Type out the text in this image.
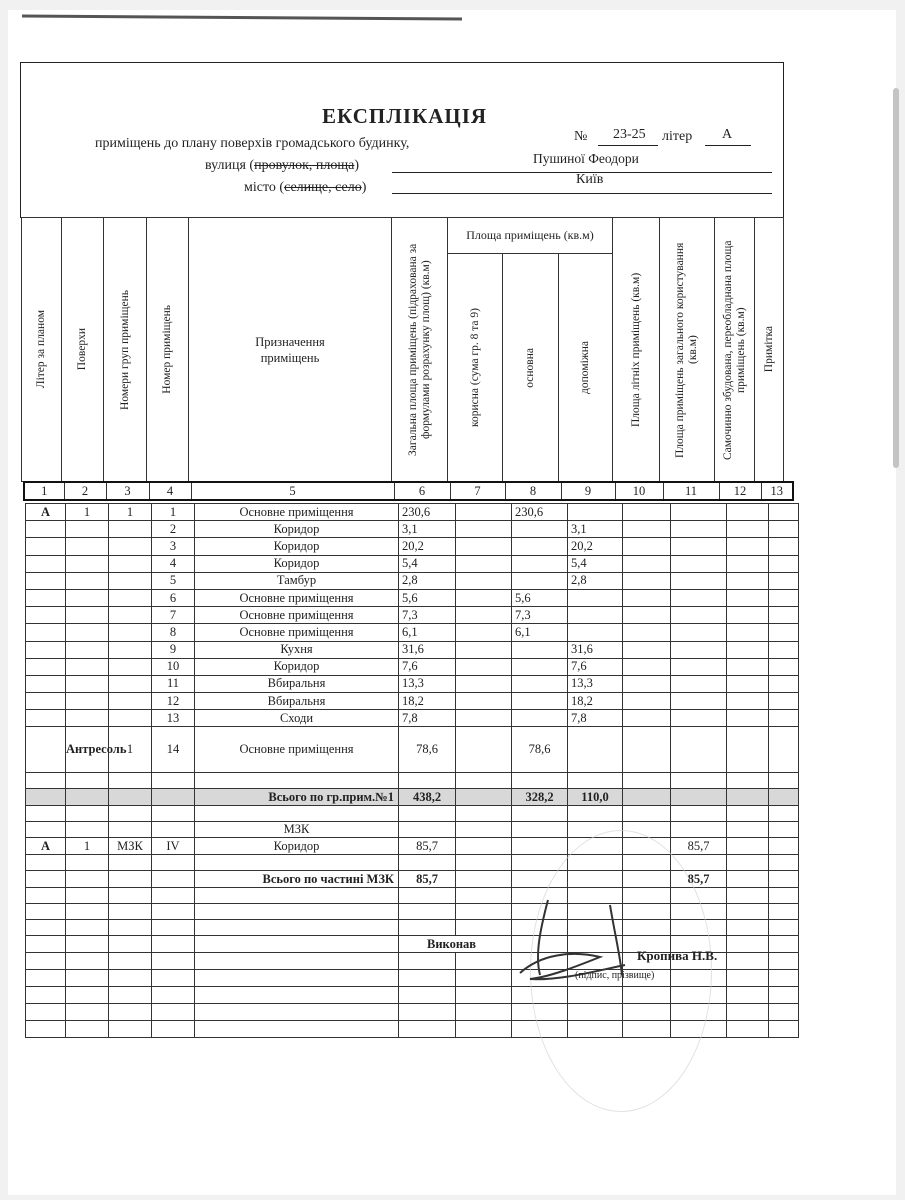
ЕКСПЛІКАЦІЯ
приміщень до плану поверхів громадського будинку,	№ 23-25 літер А
вулиця (провулок, площа)	Пушиної Феодори
місто (селище, село)
Київ
Літер за планом	Поверхи	Номери груп приміщень	Номер приміщень	Призначення приміщень	Загальна площа приміщень (підрахована за формулами розрахунку площ) (кв.м)	Площа приміщень (кв.м)			Площа літніх приміщень (кв.м)	Площа приміщень загального користування (кв.м)	Самочинно збудована, переобладнана площа приміщень (кв.м)	Примітка

						корисна (сума гр. 8 та 9)	основна	допоміжна				
1	2	3	4	5	6	7	8	9	10	11	12	13
А	1	1	1	Основне приміщення	230,6		230,6					
			2	Коридор	3,1			3,1				
			3	Коридор	20,2			20,2				
			4	Коридор	5,4			5,4				
			5	Тамбур	2,8			2,8				
			6	Основне приміщення	5,6		5,6					
			7	Основне приміщення	7,3		7,3					
			8	Основне приміщення	6,1		6,1					
			9	Кухня	31,6			31,6				
			10	Коридор	7,6			7,6				
			11	Вбиральня	13,3			13,3				
			12	Вбиральня	18,2			18,2				
			13	Сходи	7,8			7,8				
	Антресоль	1	14	Основне приміщення	78,6		78,6					

				Всього по гр.прим.№1	438,2		328,2	110,0				

				МЗК								
А	1	МЗК	IV	Коридор	85,7					85,7		

				Всього по частині МЗК	85,7					85,7		

					Виконав							

Кропива Н.В.
(підпис, прізвище)
